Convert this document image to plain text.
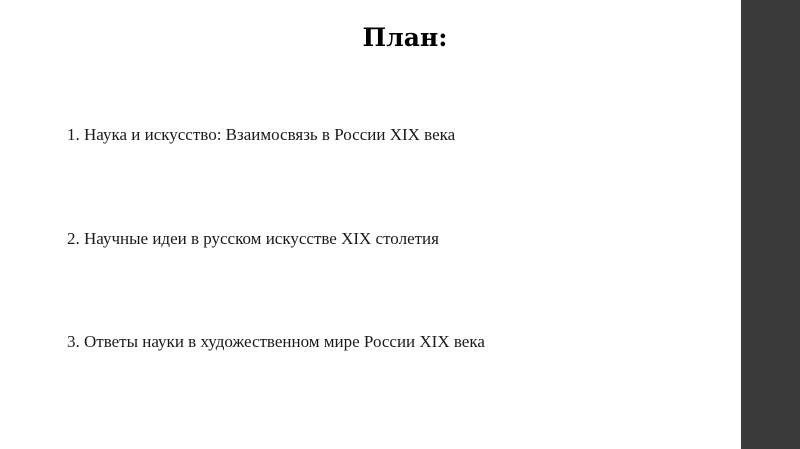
План:
1. Наука и искусство: Взаимосвязь в России XIX века
2. Научные идеи в русском искусстве XIX столетия
3. Ответы науки в художественном мире России XIX века
